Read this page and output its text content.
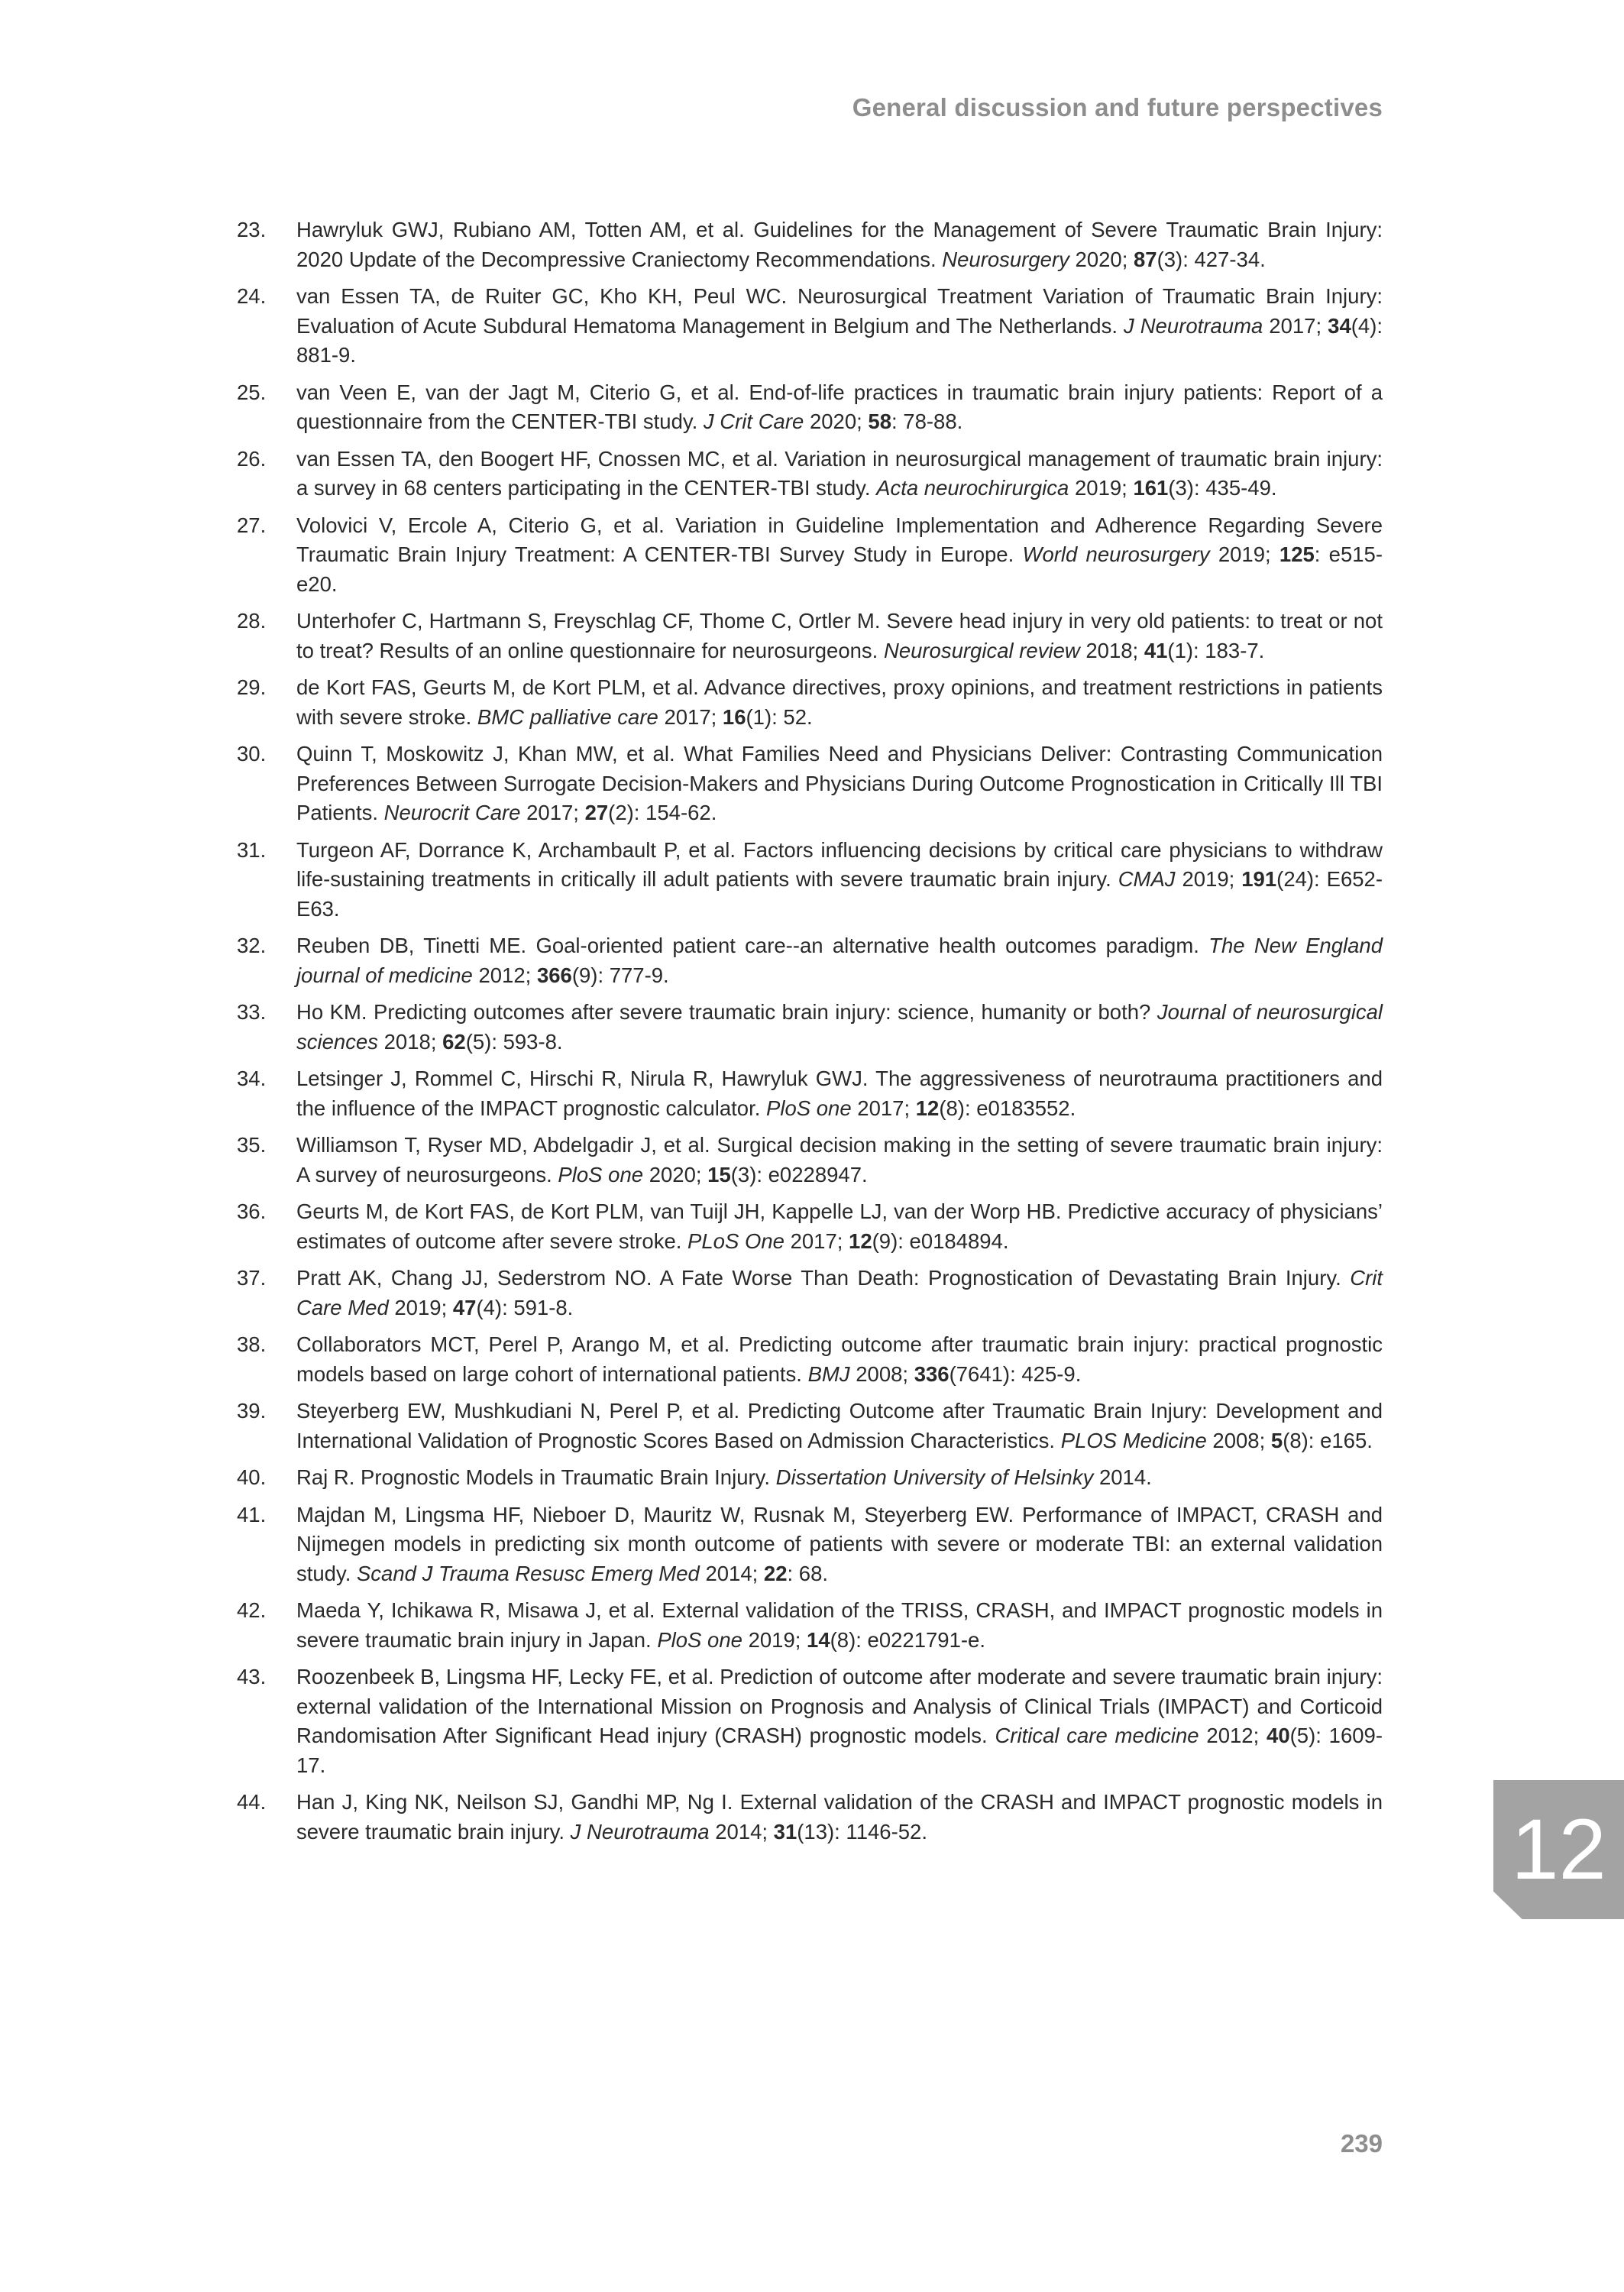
General discussion and future perspectives
23. Hawryluk GWJ, Rubiano AM, Totten AM, et al. Guidelines for the Management of Severe Traumatic Brain Injury: 2020 Update of the Decompressive Craniectomy Recommendations. Neurosurgery 2020; 87(3): 427-34.
24. van Essen TA, de Ruiter GC, Kho KH, Peul WC. Neurosurgical Treatment Variation of Traumatic Brain Injury: Evaluation of Acute Subdural Hematoma Management in Belgium and The Netherlands. J Neurotrauma 2017; 34(4): 881-9.
25. van Veen E, van der Jagt M, Citerio G, et al. End-of-life practices in traumatic brain injury patients: Report of a questionnaire from the CENTER-TBI study. J Crit Care 2020; 58: 78-88.
26. van Essen TA, den Boogert HF, Cnossen MC, et al. Variation in neurosurgical management of traumatic brain injury: a survey in 68 centers participating in the CENTER-TBI study. Acta neurochirurgica 2019; 161(3): 435-49.
27. Volovici V, Ercole A, Citerio G, et al. Variation in Guideline Implementation and Adherence Regarding Severe Traumatic Brain Injury Treatment: A CENTER-TBI Survey Study in Europe. World neurosurgery 2019; 125: e515-e20.
28. Unterhofer C, Hartmann S, Freyschlag CF, Thome C, Ortler M. Severe head injury in very old patients: to treat or not to treat? Results of an online questionnaire for neurosurgeons. Neurosurgical review 2018; 41(1): 183-7.
29. de Kort FAS, Geurts M, de Kort PLM, et al. Advance directives, proxy opinions, and treatment restrictions in patients with severe stroke. BMC palliative care 2017; 16(1): 52.
30. Quinn T, Moskowitz J, Khan MW, et al. What Families Need and Physicians Deliver: Contrasting Communication Preferences Between Surrogate Decision-Makers and Physicians During Outcome Prognostication in Critically Ill TBI Patients. Neurocrit Care 2017; 27(2): 154-62.
31. Turgeon AF, Dorrance K, Archambault P, et al. Factors influencing decisions by critical care physicians to withdraw life-sustaining treatments in critically ill adult patients with severe traumatic brain injury. CMAJ 2019; 191(24): E652-E63.
32. Reuben DB, Tinetti ME. Goal-oriented patient care--an alternative health outcomes paradigm. The New England journal of medicine 2012; 366(9): 777-9.
33. Ho KM. Predicting outcomes after severe traumatic brain injury: science, humanity or both? Journal of neurosurgical sciences 2018; 62(5): 593-8.
34. Letsinger J, Rommel C, Hirschi R, Nirula R, Hawryluk GWJ. The aggressiveness of neurotrauma practitioners and the influence of the IMPACT prognostic calculator. PloS one 2017; 12(8): e0183552.
35. Williamson T, Ryser MD, Abdelgadir J, et al. Surgical decision making in the setting of severe traumatic brain injury: A survey of neurosurgeons. PloS one 2020; 15(3): e0228947.
36. Geurts M, de Kort FAS, de Kort PLM, van Tuijl JH, Kappelle LJ, van der Worp HB. Predictive accuracy of physicians’ estimates of outcome after severe stroke. PLoS One 2017; 12(9): e0184894.
37. Pratt AK, Chang JJ, Sederstrom NO. A Fate Worse Than Death: Prognostication of Devastating Brain Injury. Crit Care Med 2019; 47(4): 591-8.
38. Collaborators MCT, Perel P, Arango M, et al. Predicting outcome after traumatic brain injury: practical prognostic models based on large cohort of international patients. BMJ 2008; 336(7641): 425-9.
39. Steyerberg EW, Mushkudiani N, Perel P, et al. Predicting Outcome after Traumatic Brain Injury: Development and International Validation of Prognostic Scores Based on Admission Characteristics. PLOS Medicine 2008; 5(8): e165.
40. Raj R. Prognostic Models in Traumatic Brain Injury. Dissertation University of Helsinky 2014.
41. Majdan M, Lingsma HF, Nieboer D, Mauritz W, Rusnak M, Steyerberg EW. Performance of IMPACT, CRASH and Nijmegen models in predicting six month outcome of patients with severe or moderate TBI: an external validation study. Scand J Trauma Resusc Emerg Med 2014; 22: 68.
42. Maeda Y, Ichikawa R, Misawa J, et al. External validation of the TRISS, CRASH, and IMPACT prognostic models in severe traumatic brain injury in Japan. PloS one 2019; 14(8): e0221791-e.
43. Roozenbeek B, Lingsma HF, Lecky FE, et al. Prediction of outcome after moderate and severe traumatic brain injury: external validation of the International Mission on Prognosis and Analysis of Clinical Trials (IMPACT) and Corticoid Randomisation After Significant Head injury (CRASH) prognostic models. Critical care medicine 2012; 40(5): 1609-17.
44. Han J, King NK, Neilson SJ, Gandhi MP, Ng I. External validation of the CRASH and IMPACT prognostic models in severe traumatic brain injury. J Neurotrauma 2014; 31(13): 1146-52.	12
239
